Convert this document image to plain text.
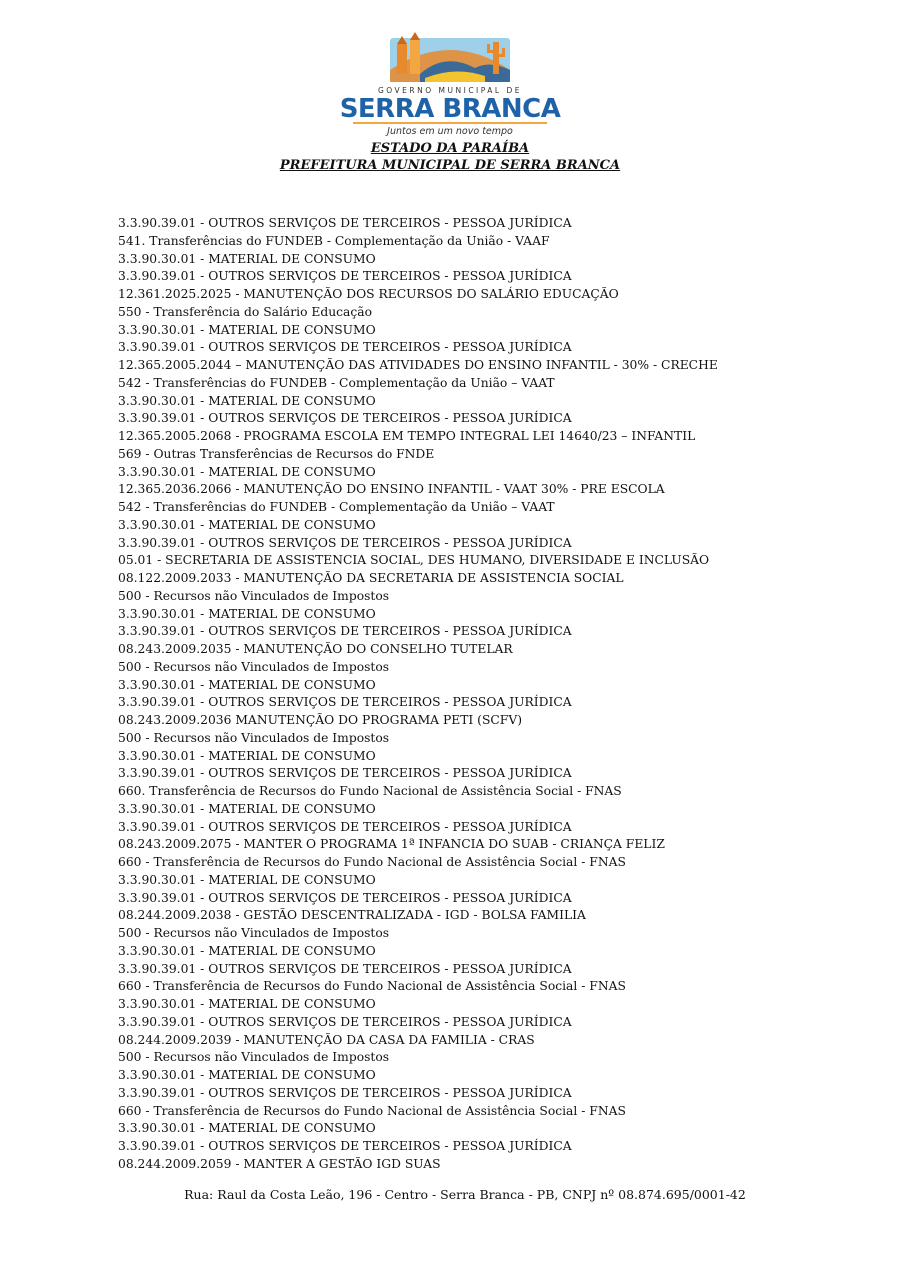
GOVERNO MUNICIPAL DE
SERRA BRANCA
Juntos em um novo tempo
ESTADO DA PARAÍBA
PREFEITURA MUNICIPAL DE SERRA BRANCA
3.3.90.39.01 - OUTROS SERVIÇOS DE TERCEIROS - PESSOA JURÍDICA
541. Transferências do FUNDEB - Complementação da União - VAAF
3.3.90.30.01 - MATERIAL DE CONSUMO
3.3.90.39.01 - OUTROS SERVIÇOS DE TERCEIROS - PESSOA JURÍDICA
12.361.2025.2025 - MANUTENÇÃO DOS RECURSOS DO SALÁRIO EDUCAÇÃO
550 - Transferência do Salário Educação
3.3.90.30.01 - MATERIAL DE CONSUMO
3.3.90.39.01 - OUTROS SERVIÇOS DE TERCEIROS - PESSOA JURÍDICA
12.365.2005.2044 – MANUTENÇÃO DAS ATIVIDADES DO ENSINO INFANTIL - 30% - CRECHE
542 - Transferências do FUNDEB - Complementação da União – VAAT
3.3.90.30.01 - MATERIAL DE CONSUMO
3.3.90.39.01 - OUTROS SERVIÇOS DE TERCEIROS - PESSOA JURÍDICA
12.365.2005.2068 - PROGRAMA ESCOLA EM TEMPO INTEGRAL LEI 14640/23 – INFANTIL
569 - Outras Transferências de Recursos do FNDE
3.3.90.30.01 - MATERIAL DE CONSUMO
12.365.2036.2066 - MANUTENÇÃO DO ENSINO INFANTIL - VAAT 30% - PRE ESCOLA
542 - Transferências do FUNDEB - Complementação da União – VAAT
3.3.90.30.01 - MATERIAL DE CONSUMO
3.3.90.39.01 - OUTROS SERVIÇOS DE TERCEIROS - PESSOA JURÍDICA
05.01 - SECRETARIA DE ASSISTENCIA SOCIAL, DES HUMANO, DIVERSIDADE E INCLUSÃO
08.122.2009.2033 - MANUTENÇÃO DA SECRETARIA DE ASSISTENCIA SOCIAL
500 - Recursos não Vinculados de Impostos
3.3.90.30.01 - MATERIAL DE CONSUMO
3.3.90.39.01 - OUTROS SERVIÇOS DE TERCEIROS - PESSOA JURÍDICA
08.243.2009.2035 - MANUTENÇÃO DO CONSELHO TUTELAR
500 - Recursos não Vinculados de Impostos
3.3.90.30.01 - MATERIAL DE CONSUMO
3.3.90.39.01 - OUTROS SERVIÇOS DE TERCEIROS - PESSOA JURÍDICA
08.243.2009.2036 MANUTENÇÃO DO PROGRAMA PETI (SCFV)
500 - Recursos não Vinculados de Impostos
3.3.90.30.01 - MATERIAL DE CONSUMO
3.3.90.39.01 - OUTROS SERVIÇOS DE TERCEIROS - PESSOA JURÍDICA
660. Transferência de Recursos do Fundo Nacional de Assistência Social - FNAS
3.3.90.30.01 - MATERIAL DE CONSUMO
3.3.90.39.01 - OUTROS SERVIÇOS DE TERCEIROS - PESSOA JURÍDICA
08.243.2009.2075 - MANTER O PROGRAMA 1ª INFANCIA DO SUAB - CRIANÇA FELIZ
660 - Transferência de Recursos do Fundo Nacional de Assistência Social - FNAS
3.3.90.30.01 - MATERIAL DE CONSUMO
3.3.90.39.01 - OUTROS SERVIÇOS DE TERCEIROS - PESSOA JURÍDICA
08.244.2009.2038 - GESTÃO DESCENTRALIZADA - IGD - BOLSA FAMILIA
500 - Recursos não Vinculados de Impostos
3.3.90.30.01 - MATERIAL DE CONSUMO
3.3.90.39.01 - OUTROS SERVIÇOS DE TERCEIROS - PESSOA JURÍDICA
660 - Transferência de Recursos do Fundo Nacional de Assistência Social - FNAS
3.3.90.30.01 - MATERIAL DE CONSUMO
3.3.90.39.01 - OUTROS SERVIÇOS DE TERCEIROS - PESSOA JURÍDICA
08.244.2009.2039 - MANUTENÇÃO DA CASA DA FAMILIA - CRAS
500 - Recursos não Vinculados de Impostos
3.3.90.30.01 - MATERIAL DE CONSUMO
3.3.90.39.01 - OUTROS SERVIÇOS DE TERCEIROS - PESSOA JURÍDICA
660 - Transferência de Recursos do Fundo Nacional de Assistência Social - FNAS
3.3.90.30.01 - MATERIAL DE CONSUMO
3.3.90.39.01 - OUTROS SERVIÇOS DE TERCEIROS - PESSOA JURÍDICA
08.244.2009.2059 - MANTER A GESTÃO IGD SUAS
Rua: Raul da Costa Leão, 196 - Centro - Serra Branca - PB, CNPJ nº 08.874.695/0001-42
